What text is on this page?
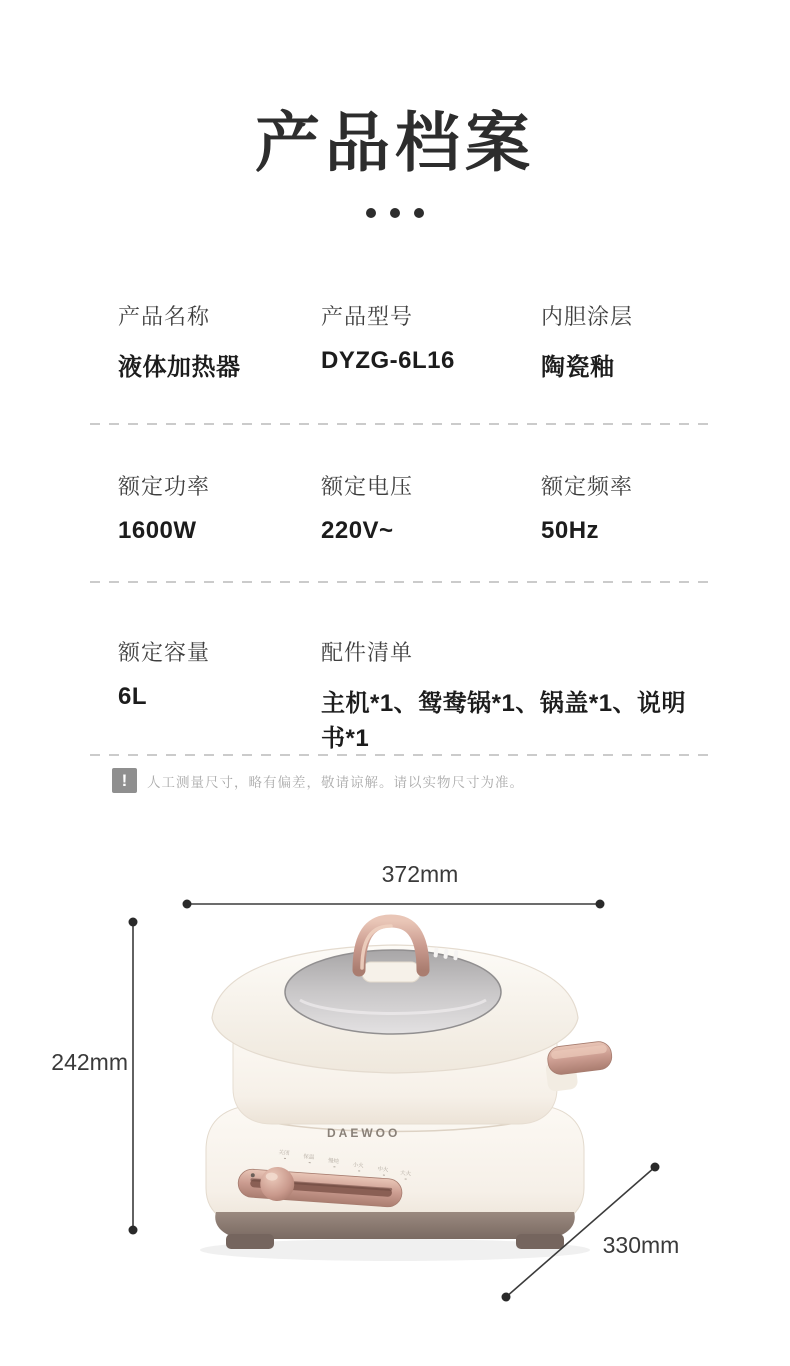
产品档案
产品名称
液体加热器
产品型号
DYZG-6L16
内胆涂层
陶瓷釉
额定功率
1600W
额定电压
220V~
额定频率
50Hz
额定容量
6L
配件清单
主机*1、鸳鸯锅*1、锅盖*1、说明书*1
!	人工测量尺寸，略有偏差，敬请谅解。请以实物尺寸为准。
DAEWOO
关闭
保温
慢炖
小火
中火
大火
372mm
242mm
330mm
